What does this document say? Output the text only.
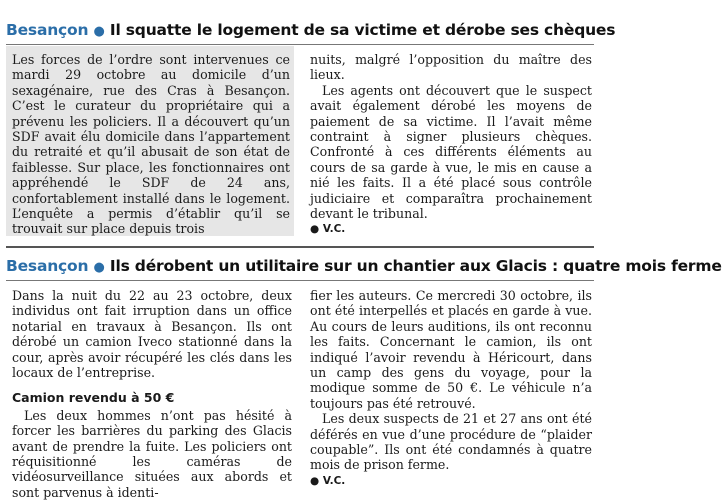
Besançon ● Il squatte le logement de sa victime et dérobe ses chèques

Les forces de l’ordre sont intervenues ce mardi 29 octobre au domicile d’un sexagénaire, rue des Cras à Besançon. C’est le curateur du propriétaire qui a prévenu les policiers. Il a découvert qu’un SDF avait élu domicile dans l’appartement du retraité et qu’il abusait de son état de faiblesse. Sur place, les fonctionnaires ont appréhendé le SDF de 24 ans, confortablement installé dans le logement. L’enquête a permis d’établir qu’il se trouvait sur place depuis trois

nuits, malgré l’opposition du maître des lieux.

Les agents ont découvert que le suspect avait également dérobé les moyens de paiement de sa victime. Il l’avait même contraint à signer plusieurs chèques. Confronté à ces différents éléments au cours de sa garde à vue, le mis en cause a nié les faits. Il a été placé sous contrôle judiciaire et comparaîtra prochainement devant le tribunal.

● V.C.
Besançon ● Ils dérobent un utilitaire sur un chantier aux Glacis : quatre mois ferme

Dans la nuit du 22 au 23 octobre, deux individus ont fait irruption dans un office notarial en travaux à Besançon. Ils ont dérobé un camion Iveco stationné dans la cour, après avoir récupéré les clés dans les locaux de l’entreprise.

Camion revendu à 50 €

Les deux hommes n’ont pas hésité à forcer les barrières du parking des Glacis avant de prendre la fuite. Les policiers ont réquisitionné les caméras de vidéosurveillance situées aux abords et sont parvenus à identi-

fier les auteurs. Ce mercredi 30 octobre, ils ont été interpellés et placés en garde à vue. Au cours de leurs auditions, ils ont reconnu les faits. Concernant le camion, ils ont indiqué l’avoir revendu à Héricourt, dans un camp des gens du voyage, pour la modique somme de 50 €. Le véhicule n’a toujours pas été retrouvé.

Les deux suspects de 21 et 27 ans ont été déférés en vue d’une procédure de “plaider coupable”. Ils ont été condamnés à quatre mois de prison ferme.

● V.C.
